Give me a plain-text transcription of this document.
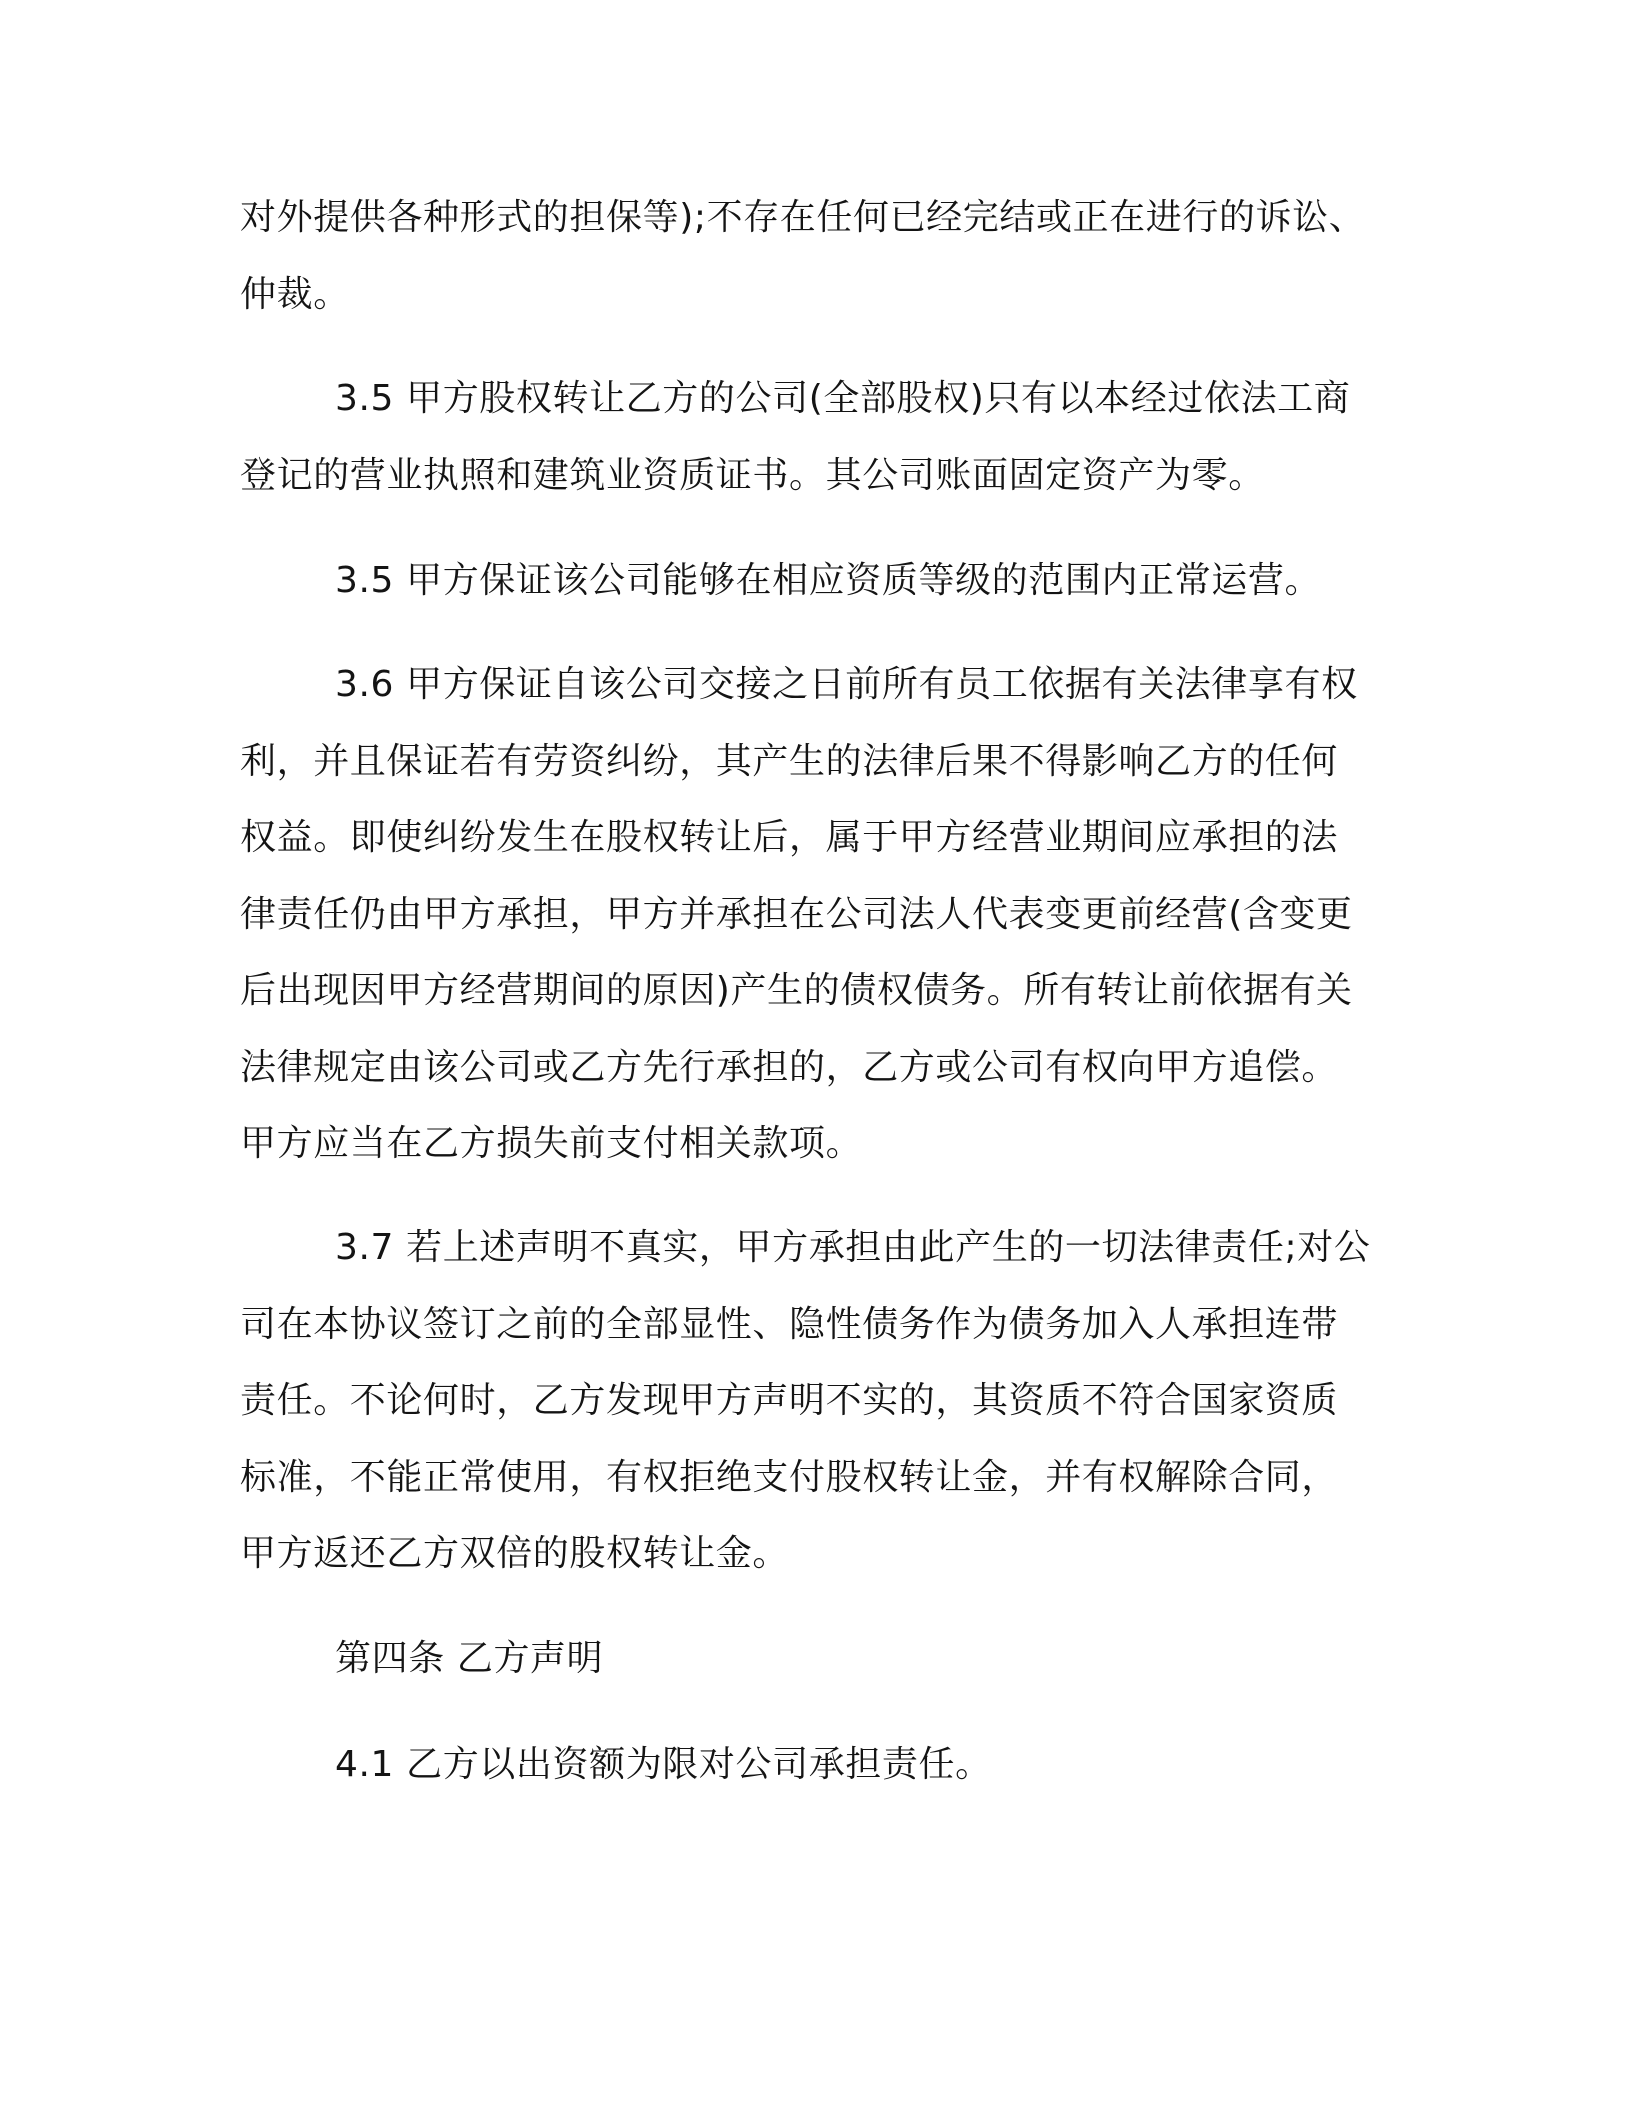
对外提供各种形式的担保等);不存在任何已经完结或正在进行的诉讼、
仲裁。
3.5 甲方股权转让乙方的公司(全部股权)只有以本经过依法工商
登记的营业执照和建筑业资质证书。其公司账面固定资产为零。
3.5 甲方保证该公司能够在相应资质等级的范围内正常运营。
3.6 甲方保证自该公司交接之日前所有员工依据有关法律享有权
利，并且保证若有劳资纠纷，其产生的法律后果不得影响乙方的任何
权益。即使纠纷发生在股权转让后，属于甲方经营业期间应承担的法
律责任仍由甲方承担，甲方并承担在公司法人代表变更前经营(含变更
后出现因甲方经营期间的原因)产生的债权债务。所有转让前依据有关
法律规定由该公司或乙方先行承担的，乙方或公司有权向甲方追偿。
甲方应当在乙方损失前支付相关款项。
3.7 若上述声明不真实，甲方承担由此产生的一切法律责任;对公
司在本协议签订之前的全部显性、隐性债务作为债务加入人承担连带
责任。不论何时，乙方发现甲方声明不实的，其资质不符合国家资质
标准，不能正常使用，有权拒绝支付股权转让金，并有权解除合同，
甲方返还乙方双倍的股权转让金。
第四条 乙方声明
4.1 乙方以出资额为限对公司承担责任。
